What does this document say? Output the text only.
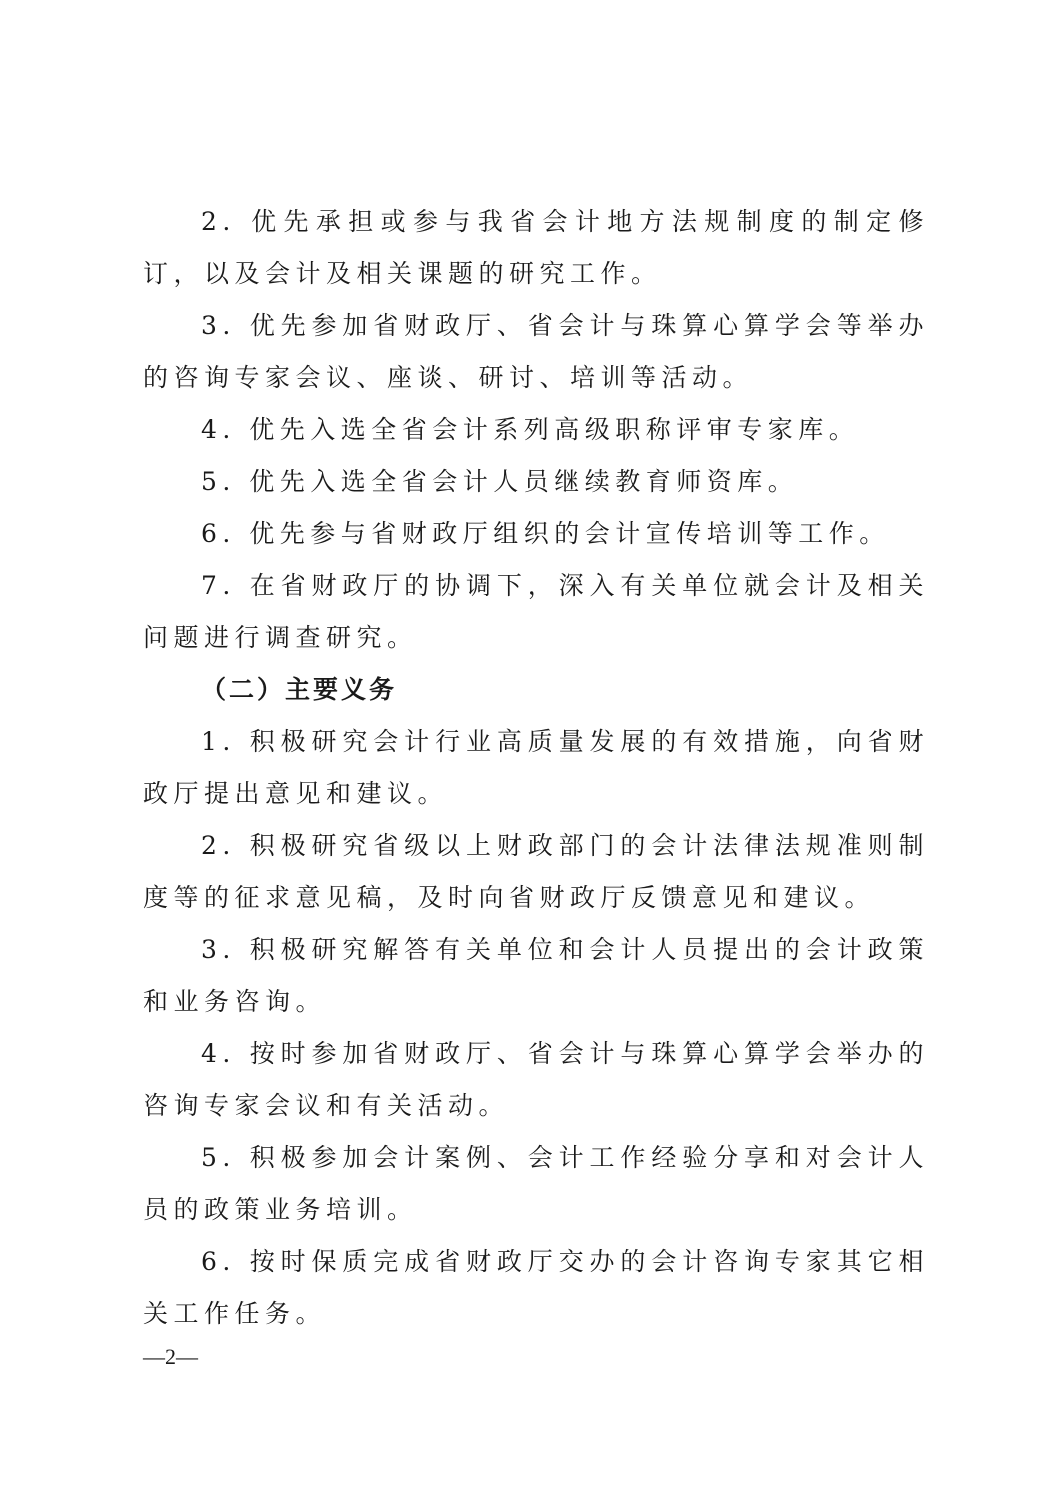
2. 优先承担或参与我省会计地方法规制度的制定修订，以及会计及相关课题的研究工作。

3. 优先参加省财政厅、省会计与珠算心算学会等举办的咨询专家会议、座谈、研讨、培训等活动。

4. 优先入选全省会计系列高级职称评审专家库。

5. 优先入选全省会计人员继续教育师资库。

6. 优先参与省财政厅组织的会计宣传培训等工作。

7. 在省财政厅的协调下，深入有关单位就会计及相关问题进行调查研究。

（二）主要义务

1. 积极研究会计行业高质量发展的有效措施，向省财政厅提出意见和建议。

2. 积极研究省级以上财政部门的会计法律法规准则制度等的征求意见稿，及时向省财政厅反馈意见和建议。

3. 积极研究解答有关单位和会计人员提出的会计政策和业务咨询。

4. 按时参加省财政厅、省会计与珠算心算学会举办的咨询专家会议和有关活动。

5. 积极参加会计案例、会计工作经验分享和对会计人员的政策业务培训。

6. 按时保质完成省财政厅交办的会计咨询专家其它相关工作任务。

—2—
